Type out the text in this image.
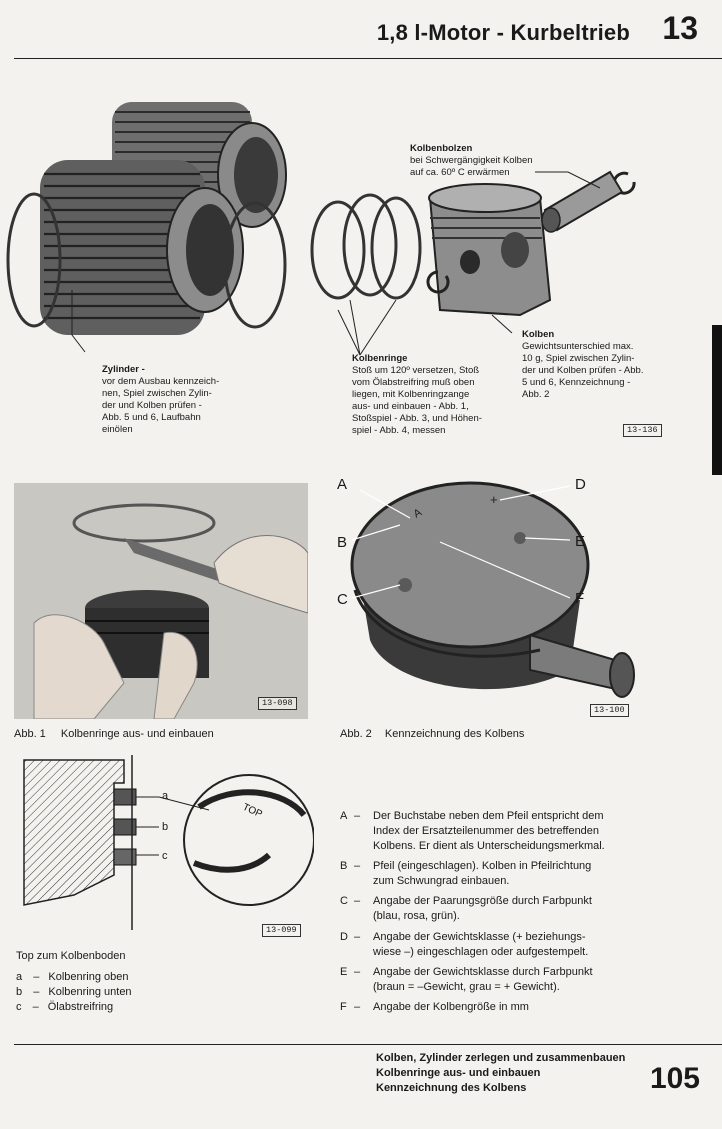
1,8 l-Motor - Kurbeltrieb 13
Kolbenbolzen
bei Schwergängigkeit Kolben
auf ca. 60º C erwärmen
Zylinder -
vor dem Ausbau kennzeich-
nen, Spiel zwischen Zylin-
der und Kolben prüfen -
Abb. 5 und 6, Laufbahn
einölen
Kolbenringe
Stoß um 120º versetzen, Stoß
vom Ölabstreifring muß oben
liegen, mit Kolbenringzange
aus- und einbauen - Abb. 1,
Stoßspiel - Abb. 3, und Höhen-
spiel - Abb. 4, messen
Kolben
Gewichtsunterschied max.
10 g, Spiel zwischen Zylin-
der und Kolben prüfen - Abb.
5 und 6, Kennzeichnung -
Abb. 2
13-136
13-098
Abb. 1 Kolbenringe aus- und einbauen
A
+
A
B
C
D
E
F
13-100
Abb. 2 Kennzeichnung des Kolbens
TOP
a
b
c
13-099
Top zum Kolbenboden
a – Kolbenring oben
b – Kolbenring unten
c – Ölabstreifring
A – Der Buchstabe neben dem Pfeil entspricht dem
Index der Ersatzteilenummer des betreffenden
Kolbens. Er dient als Unterscheidungsmerkmal.
B – Pfeil (eingeschlagen). Kolben in Pfeilrichtung
zum Schwungrad einbauen.
C – Angabe der Paarungsgröße durch Farbpunkt
(blau, rosa, grün).
D – Angabe der Gewichtsklasse (+ beziehungs-
wiese –) eingeschlagen oder aufgestempelt.
E – Angabe der Gewichtsklasse durch Farbpunkt
(braun = –Gewicht, grau = + Gewicht).
F – Angabe der Kolbengröße in mm
Kolben, Zylinder zerlegen und zusammenbauen
Kolbenringe aus- und einbauen
Kennzeichnung des Kolbens	105
